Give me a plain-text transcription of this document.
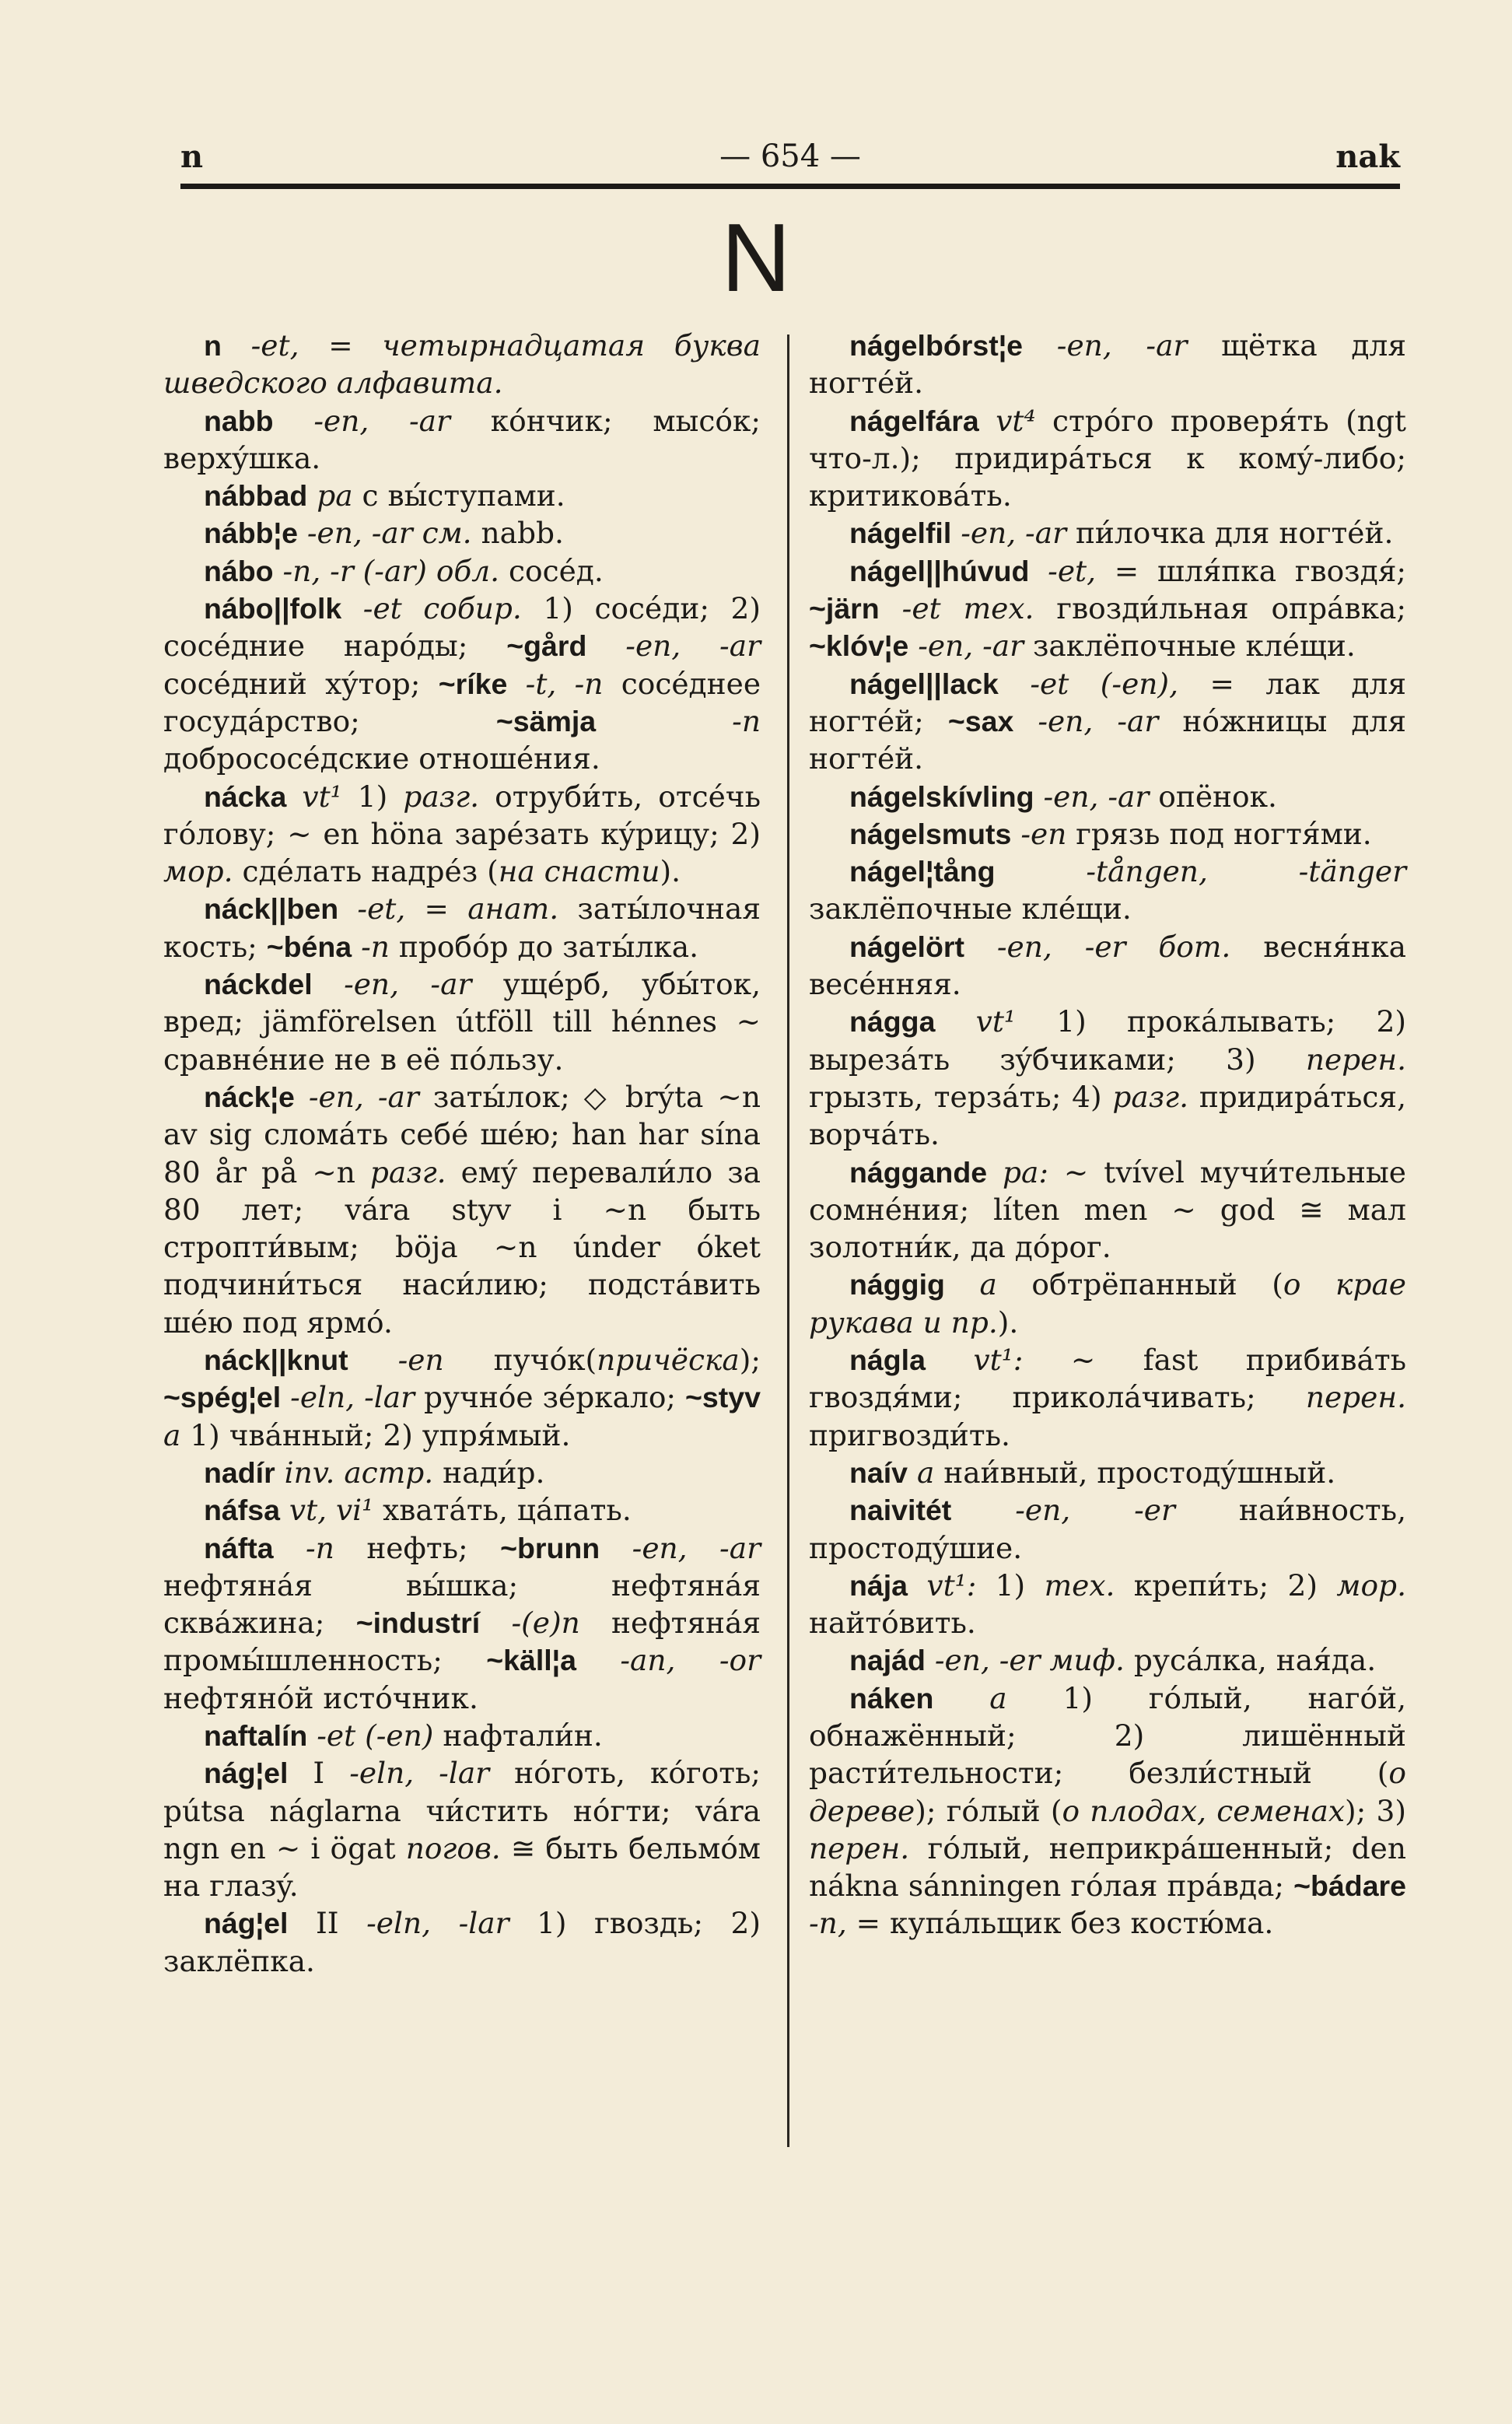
n	— 654 —	nak
N

n -et, = четырнадцатая буква шведского алфавита.

nabb -en, -ar кóнчик; мысóк; верхýшка.

nábbad pa с вы́ступами.

nább¦e -en, -ar см. nabb.

nábo -n, -r (-ar) обл. сосéд.

nábo||folk -et собир. 1) сосéди; 2) сосéдние нарóды; ~gård -en, -ar сосéдний хýтор; ~ríke -t, -n сосéднее госудáрство; ~sämja -n добрососéдские отношéния.

nácka vt¹ 1) разг. отруби́ть, отсéчь гóлову; ~ en höna зарéзать кýрицу; 2) мор. сдéлать надрéз (на снасти).

náck||ben -et, = анат. заты́лочная кость; ~béna -n пробóр до заты́лка.

náckdel -en, -ar ущéрб, убы́ток, вред; jämförelsen útföll till hénnes ~ сравнéние не в её пóльзу.

náck¦e -en, -ar заты́лок; ◇ brýta ~n av sig сломáть себé шéю; han har sína 80 år på ~n разг. емý перевали́ло за 80 лет; vára styv i ~n быть стропти́вым; böja ~n únder óket подчини́ться наси́лию; подстáвить шéю под ярмó.

náck||knut -en пучóк(причёска); ~spég¦el -eln, -lar ручнóе зéркало; ~styv a 1) чвáнный; 2) упря́мый.

nadír inv. астр. нади́р.

náfsa vt, vi¹ хватáть, цáпать.

náfta -n нефть; ~brunn -en, -ar нефтянáя вы́шка; нефтянáя сквáжина; ~industrí -(e)n нефтянáя промы́шленность; ~käll¦a -an, -or нефтянóй истóчник.

naftalín -et (-en) нафтали́н.

nág¦el I -eln, -lar нóготь, кóготь; pútsa náglarna чи́стить нóгти; vára ngn en ~ i ögat погов. ≅ быть бельмóм на глазý.

nág¦el II -eln, -lar 1) гвоздь; 2) заклёпка.

nágelbórst¦e -en, -ar щётка для ногтéй.

nágelfára vt⁴ стрóго проверя́ть (ngt что-л.); придирáться к комý-либо; критиковáть.

nágelfil -en, -ar пи́лочка для ногтéй.

nágel||húvud -et, = шля́пка гвоздя́; ~järn -et тех. гвозди́льная опрáвка; ~klóv¦e -en, -ar заклёпочные клéщи.

nágel||lack -et (-en), = лак для ногтéй; ~sax -en, -ar нóжницы для ногтéй.

nágelskívling -en, -ar опёнок.

nágelsmuts -en грязь под ногтя́ми.

nágel¦tång -tången, -tänger заклёпочные клéщи.

nágelört -en, -er бот. весня́нка весéнняя.

nágga vt¹ 1) прокáлывать; 2) вырезáть зýбчиками; 3) перен. грызть, терзáть; 4) разг. придирáться, ворчáть.

nággande pa: ~ tvível мучи́тельные сомнéния; líten men ~ god ≅ мал золотни́к, да дóрог.

nággig a обтрёпанный (о крае рукава и пр.).

nágla vt¹: ~ fast прибивáть гвоздя́ми; приколáчивать; перен. пригвозди́ть.

naív a наи́вный, простодýшный.

naivitét -en, -er наи́вность, простодýшие.

nája vt¹: 1) тех. крепи́ть; 2) мор. найтóвить.

najád -en, -er миф. русáлка, ная́да.

náken a 1) гóлый, нагóй, обнажённый; 2) лишённый расти́тельности; безли́стный (о дереве); гóлый (о плодах, семенах); 3) перен. гóлый, неприкрáшенный; den náknа sánningen гóлая прáвда; ~bádare -n, = купáльщик без костю́ма.
